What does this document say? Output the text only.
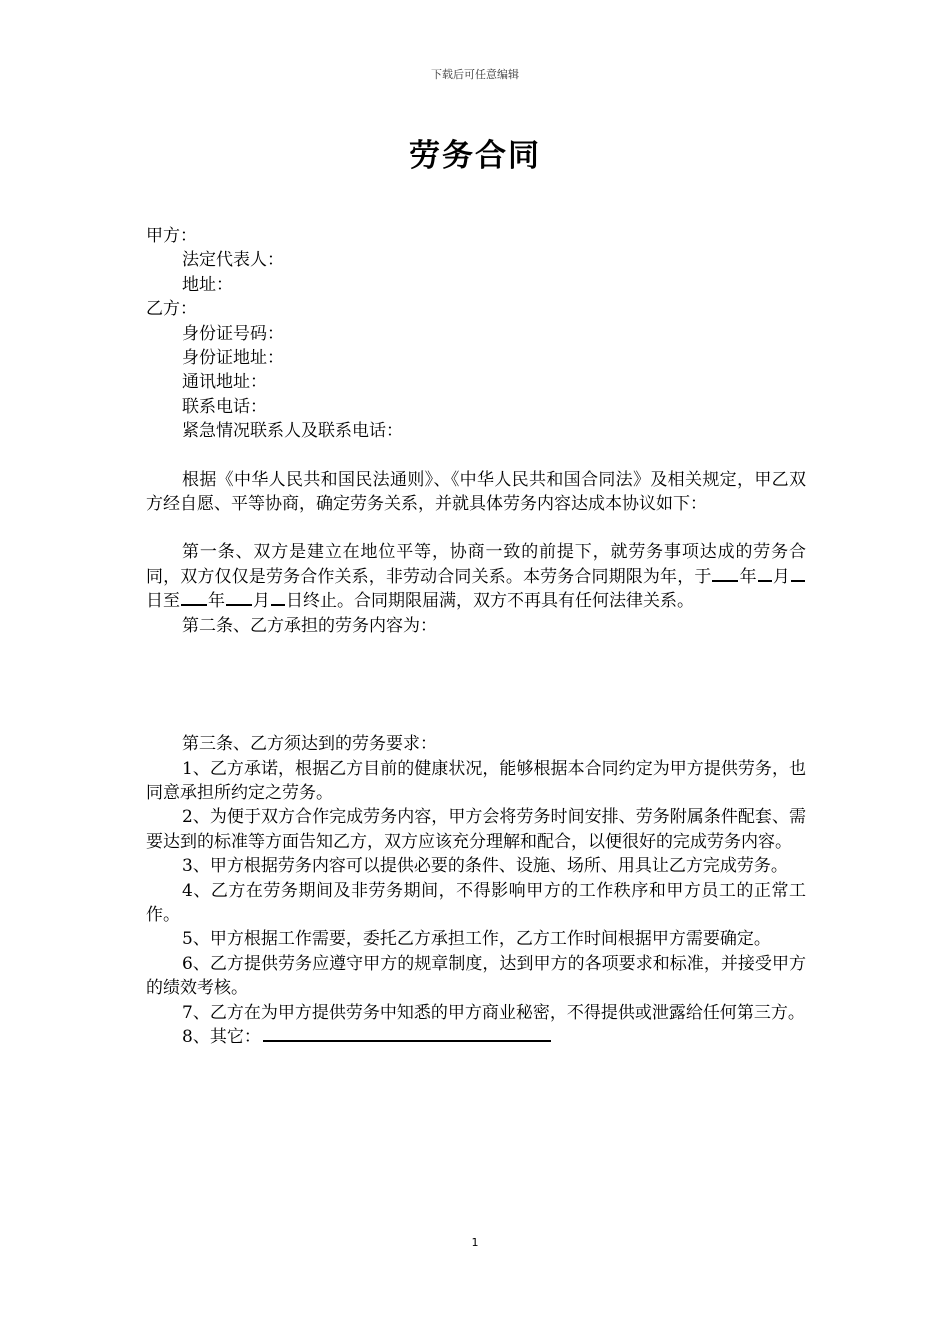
下载后可任意编辑
劳务合同
甲方：
法定代表人：
地址：
乙方：
身份证号码：
身份证地址：
通讯地址：
联系电话：
紧急情况联系人及联系电话：
根据《中华人民共和国民法通则》、《中华人民共和国合同法》及相关规定，甲乙双方经自愿、平等协商，确定劳务关系，并就具体劳务内容达成本协议如下：
第一条、双方是建立在地位平等，协商一致的前提下，就劳务事项达成的劳务合同，双方仅仅是劳务合作关系，非劳动合同关系。本劳务合同期限为年，于 年 月日至 年 月 日终止。合同期限届满，双方不再具有任何法律关系。
第二条、乙方承担的劳务内容为：
第三条、乙方须达到的劳务要求：
1、乙方承诺，根据乙方目前的健康状况，能够根据本合同约定为甲方提供劳务，也同意承担所约定之劳务。
2、为便于双方合作完成劳务内容，甲方会将劳务时间安排、劳务附属条件配套、需要达到的标准等方面告知乙方，双方应该充分理解和配合，以便很好的完成劳务内容。
3、甲方根据劳务内容可以提供必要的条件、设施、场所、用具让乙方完成劳务。
4、乙方在劳务期间及非劳务期间，不得影响甲方的工作秩序和甲方员工的正常工作。
5、甲方根据工作需要，委托乙方承担工作，乙方工作时间根据甲方需要确定。
6、乙方提供劳务应遵守甲方的规章制度，达到甲方的各项要求和标准，并接受甲方的绩效考核。
7、乙方在为甲方提供劳务中知悉的甲方商业秘密，不得提供或泄露给任何第三方。
8、其它：
1
